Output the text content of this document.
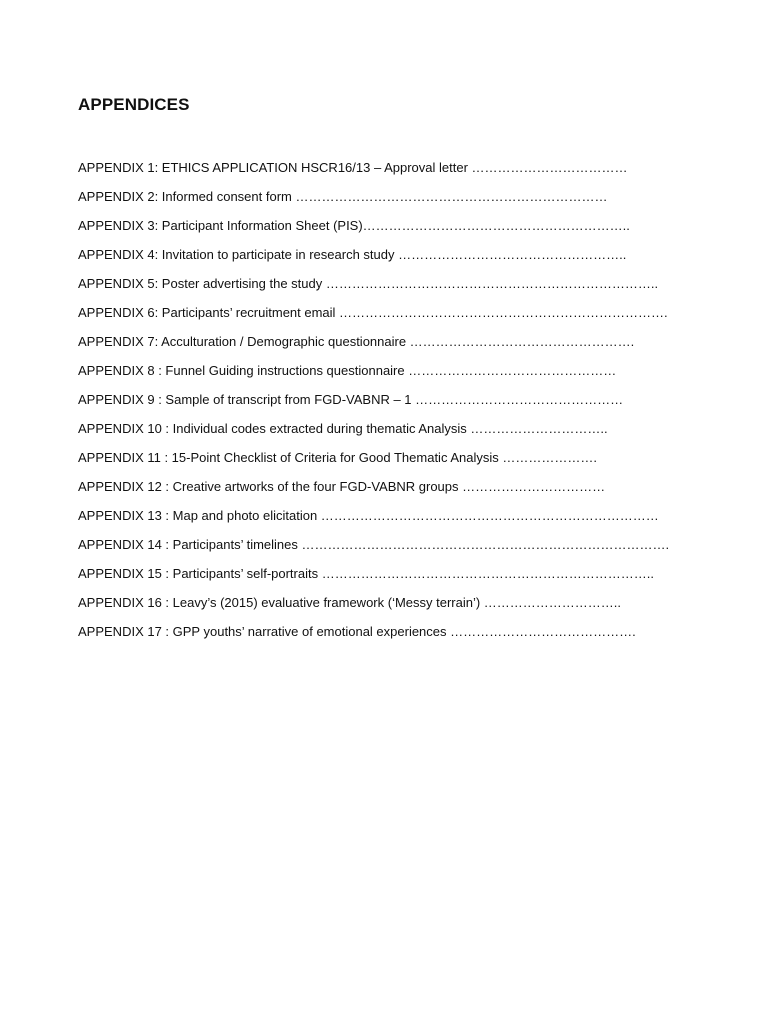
APPENDICES
APPENDIX 1: ETHICS APPLICATION HSCR16/13 – Approval letter ………………………………
APPENDIX 2: Informed consent form ………………………………………………………………
APPENDIX 3: Participant Information Sheet (PIS)……………………………………………………..
APPENDIX 4: Invitation to participate in research study ……………………………………………..
APPENDIX 5: Poster advertising the study …………………………………………………………………..
APPENDIX 6: Participants’ recruitment email ………………………………………………………………….
APPENDIX 7: Acculturation / Demographic questionnaire …………………………………………….
APPENDIX 8 : Funnel Guiding instructions questionnaire …………………………………………
APPENDIX 9 : Sample of transcript from FGD-VABNR – 1 …………………………………………
APPENDIX 10 : Individual codes extracted during thematic Analysis …………………………..
APPENDIX 11 : 15-Point Checklist of Criteria for Good Thematic Analysis ………………….
APPENDIX 12 : Creative artworks of the four FGD-VABNR groups ……………………………
APPENDIX 13 : Map and photo elicitation ……………………………………………………………………
APPENDIX 14 : Participants’ timelines ………………………………………………………………………….
APPENDIX 15 : Participants’ self-portraits …………………………………………………………………..
APPENDIX 16 : Leavy’s (2015) evaluative framework (‘Messy terrain’) …………………………..
APPENDIX 17 : GPP youths’ narrative of emotional experiences …………………………………….
